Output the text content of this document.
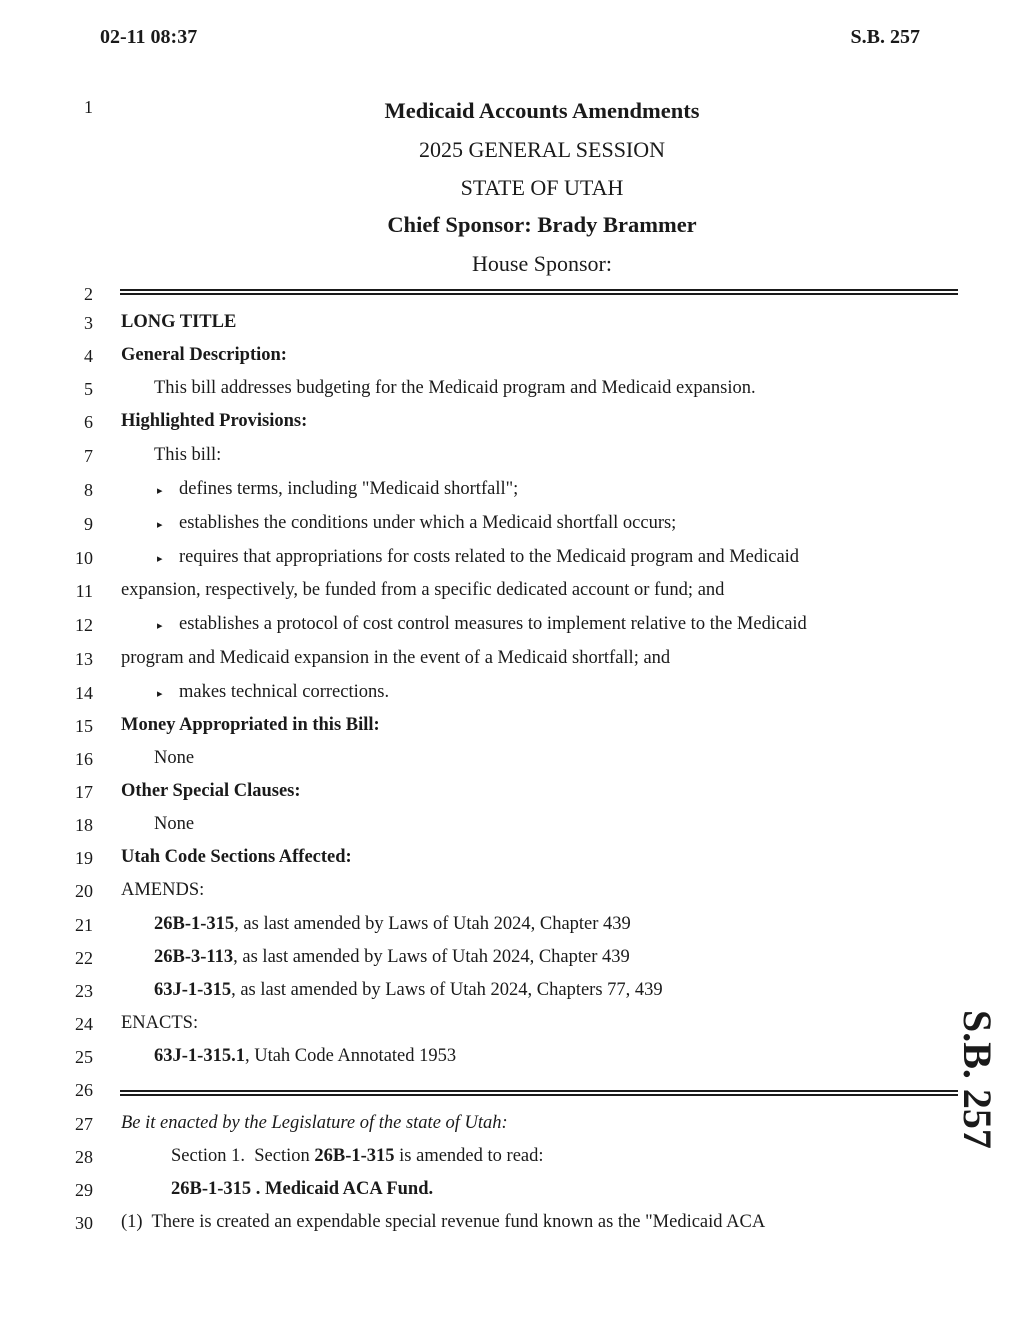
02-11 08:37	S.B. 257
1
2
3
4
5
6
7
8
9
10
11
12
13
14
15
16
17
18
19
20
21
22
23
24
25
26
27
28
29
30
Medicaid Accounts Amendments
2025 GENERAL SESSION
STATE OF UTAH
Chief Sponsor: Brady Brammer
House Sponsor:
LONG TITLE
General Description:
This bill addresses budgeting for the Medicaid program and Medicaid expansion.
Highlighted Provisions:
This bill:
▸ defines terms, including "Medicaid shortfall";
▸ establishes the conditions under which a Medicaid shortfall occurs;
▸ requires that appropriations for costs related to the Medicaid program and Medicaid
expansion, respectively, be funded from a specific dedicated account or fund; and
▸ establishes a protocol of cost control measures to implement relative to the Medicaid
program and Medicaid expansion in the event of a Medicaid shortfall; and
▸ makes technical corrections.
Money Appropriated in this Bill:
None
Other Special Clauses:
None
Utah Code Sections Affected:
AMENDS:
26B-1-315, as last amended by Laws of Utah 2024, Chapter 439
26B-3-113, as last amended by Laws of Utah 2024, Chapter 439
63J-1-315, as last amended by Laws of Utah 2024, Chapters 77, 439
ENACTS:
63J-1-315.1, Utah Code Annotated 1953
Be it enacted by the Legislature of the state of Utah:
Section 1.  Section 26B-1-315 is amended to read:
26B-1-315 . Medicaid ACA Fund.
(1)  There is created an expendable special revenue fund known as the "Medicaid ACA
S.B. 257
